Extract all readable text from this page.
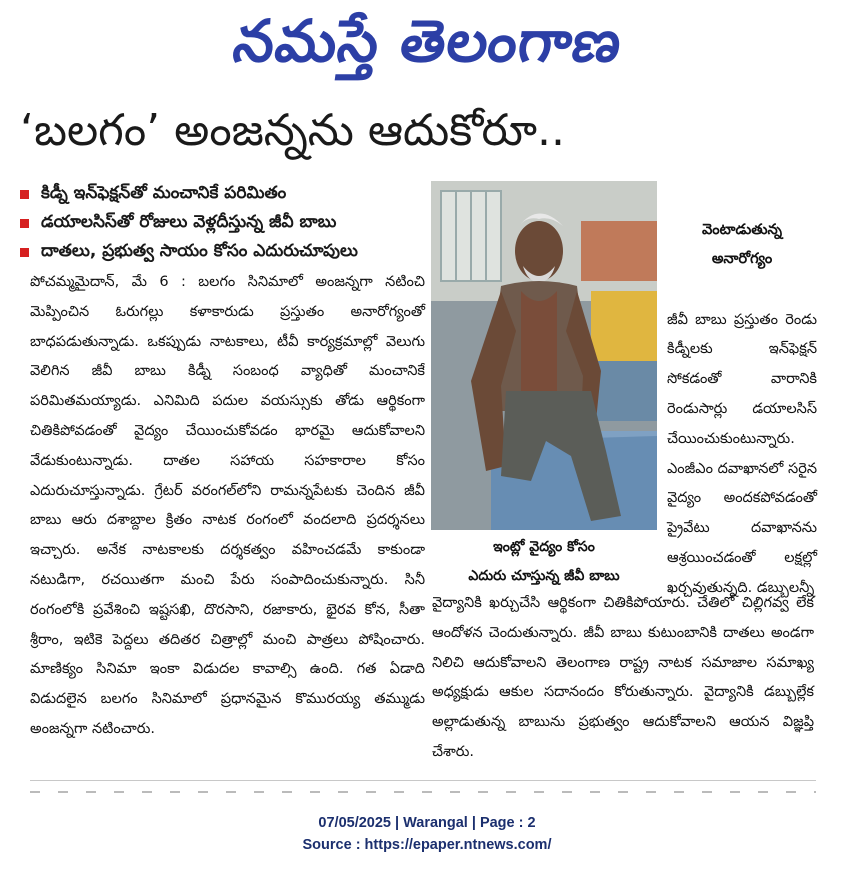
నమస్తే తెలంగాణ
‘బలగం’ అంజన్నను ఆదుకోరూ..
కిడ్నీ ఇన్‌ఫెక్షన్‌తో మంచానికే పరిమితం
డయాలసిస్‌తో రోజులు వెళ్లదీస్తున్న జీవీ బాబు
దాతలు, ప్రభుత్వ సాయం కోసం ఎదురుచూపులు
పోచమ్మమైదాన్, మే 6 : బలగం సినిమాలో అంజన్నగా నటించి మెప్పించిన ఓరుగల్లు కళాకారుడు ప్రస్తుతం అనారోగ్యంతో బాధపడుతున్నాడు. ఒకప్పుడు నాటకాలు, టీవీ కార్యక్రమాల్లో వెలుగు వెలిగిన జీవీ బాబు కిడ్నీ సంబంధ వ్యాధితో మంచానికే పరిమితమయ్యాడు. ఎనిమిది పదుల వయస్సుకు తోడు ఆర్థికంగా చితికిపోవడంతో వైద్యం చేయించుకోవడం భారమై ఆదుకోవాలని వేడుకుంటున్నాడు. దాతల సహాయ సహకారాల కోసం ఎదురుచూస్తున్నాడు. గ్రేటర్ వరంగల్‌లోని రామన్నపేటకు చెందిన జీవీ బాబు ఆరు దశాబ్దాల క్రితం నాటక రంగంలో వందలాది ప్రదర్శనలు ఇచ్చారు. అనేక నాటకాలకు దర్శకత్వం వహించడమే కాకుండా నటుడిగా, రచయితగా మంచి పేరు సంపాదించుకున్నారు. సినీ రంగంలోకి ప్రవేశించి ఇష్టసఖి, దొరసాని, రజాకారు, భైరవ కోన, సీతా శ్రీరాం, ఇటికె పెద్దలు తదితర చిత్రాల్లో మంచి పాత్రలు పోషించారు. మాణిక్యం సినిమా ఇంకా విడుదల కావాల్సి ఉంది. గత ఏడాది విడుదలైన బలగం సినిమాలో ప్రధానమైన కొమురయ్య తమ్ముడు అంజన్నగా నటించారు.
ఇంట్లో వైద్యం కోసం
ఎదురు చూస్తున్న జీవీ బాబు

వెంటాడుతున్న
అనారోగ్యం

జీవీ బాబు ప్రస్తుతం రెండు కిడ్నీలకు ఇన్‌ఫెక్షన్ సోకడంతో వారానికి రెండుసార్లు డయాలసిస్ చేయించుకుంటున్నారు. ఎంజీఎం దవాఖానలో సరైన వైద్యం అందకపోవడంతో ప్రైవేటు దవాఖానను ఆశ్రయించడంతో లక్షల్లో ఖర్చవుతున్నది. డబ్బులన్నీ

వైద్యానికి ఖర్చుచేసి ఆర్థికంగా చితికిపోయారు. చేతిలో చిల్లిగవ్వ లేక ఆందోళన చెందుతున్నారు. జీవీ బాబు కుటుంబానికి దాతలు అండగా నిలిచి ఆదుకోవాలని తెలంగాణ రాష్ట్ర నాటక సమాజాల సమాఖ్య అధ్యక్షుడు ఆకుల సదానందం కోరుతున్నారు. వైద్యానికి డబ్బుల్లేక అల్లాడుతున్న బాబును ప్రభుత్వం ఆదుకోవాలని ఆయన విజ్ఞప్తి చేశారు.
07/05/2025 | Warangal | Page : 2
Source : https://epaper.ntnews.com/
